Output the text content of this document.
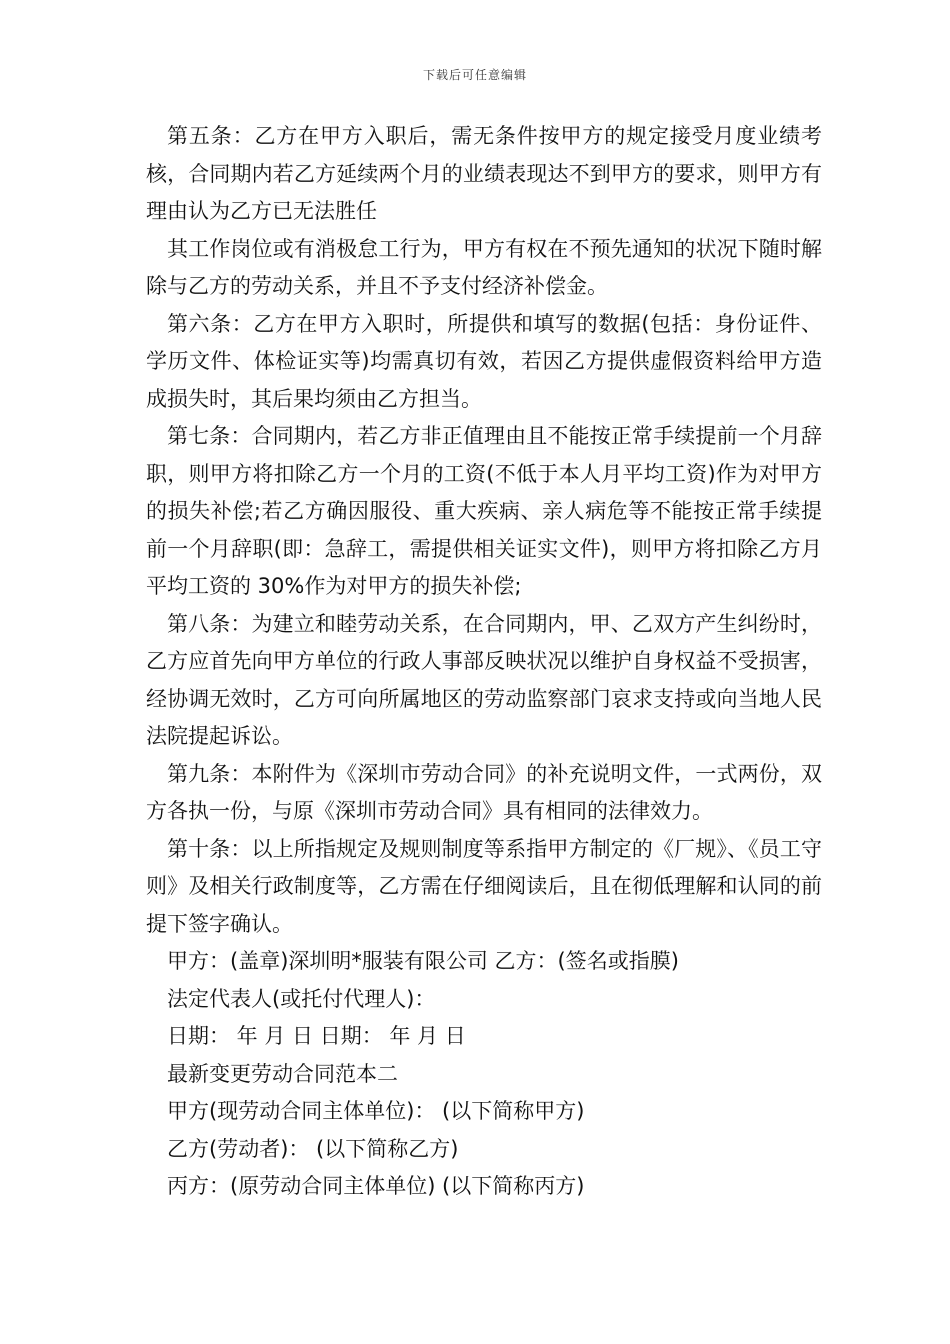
下载后可任意编辑

第五条：乙方在甲方入职后，需无条件按甲方的规定接受月度业绩考核，合同期内若乙方延续两个月的业绩表现达不到甲方的要求，则甲方有理由认为乙方已无法胜任

其工作岗位或有消极怠工行为，甲方有权在不预先通知的状况下随时解除与乙方的劳动关系，并且不予支付经济补偿金。

第六条：乙方在甲方入职时，所提供和填写的数据(包括：身份证件、学历文件、体检证实等)均需真切有效，若因乙方提供虚假资料给甲方造成损失时，其后果均须由乙方担当。

第七条：合同期内，若乙方非正值理由且不能按正常手续提前一个月辞职，则甲方将扣除乙方一个月的工资(不低于本人月平均工资)作为对甲方的损失补偿;若乙方确因服役、重大疾病、亲人病危等不能按正常手续提前一个月辞职(即：急辞工，需提供相关证实文件)，则甲方将扣除乙方月平均工资的 30%作为对甲方的损失补偿;

第八条：为建立和睦劳动关系，在合同期内，甲、乙双方产生纠纷时，乙方应首先向甲方单位的行政人事部反映状况以维护自身权益不受损害，经协调无效时，乙方可向所属地区的劳动监察部门哀求支持或向当地人民法院提起诉讼。

第九条：本附件为《深圳市劳动合同》的补充说明文件，一式两份，双方各执一份，与原《深圳市劳动合同》具有相同的法律效力。

第十条：以上所指规定及规则制度等系指甲方制定的《厂规》、《员工守则》及相关行政制度等，乙方需在仔细阅读后，且在彻低理解和认同的前提下签字确认。

甲方：(盖章)深圳明*服装有限公司 乙方：(签名或指膜)

法定代表人(或托付代理人)：

日期： 年 月 日 日期： 年 月 日

最新变更劳动合同范本二

甲方(现劳动合同主体单位)： (以下简称甲方)

乙方(劳动者)： (以下简称乙方)

丙方：(原劳动合同主体单位) (以下简称丙方)
